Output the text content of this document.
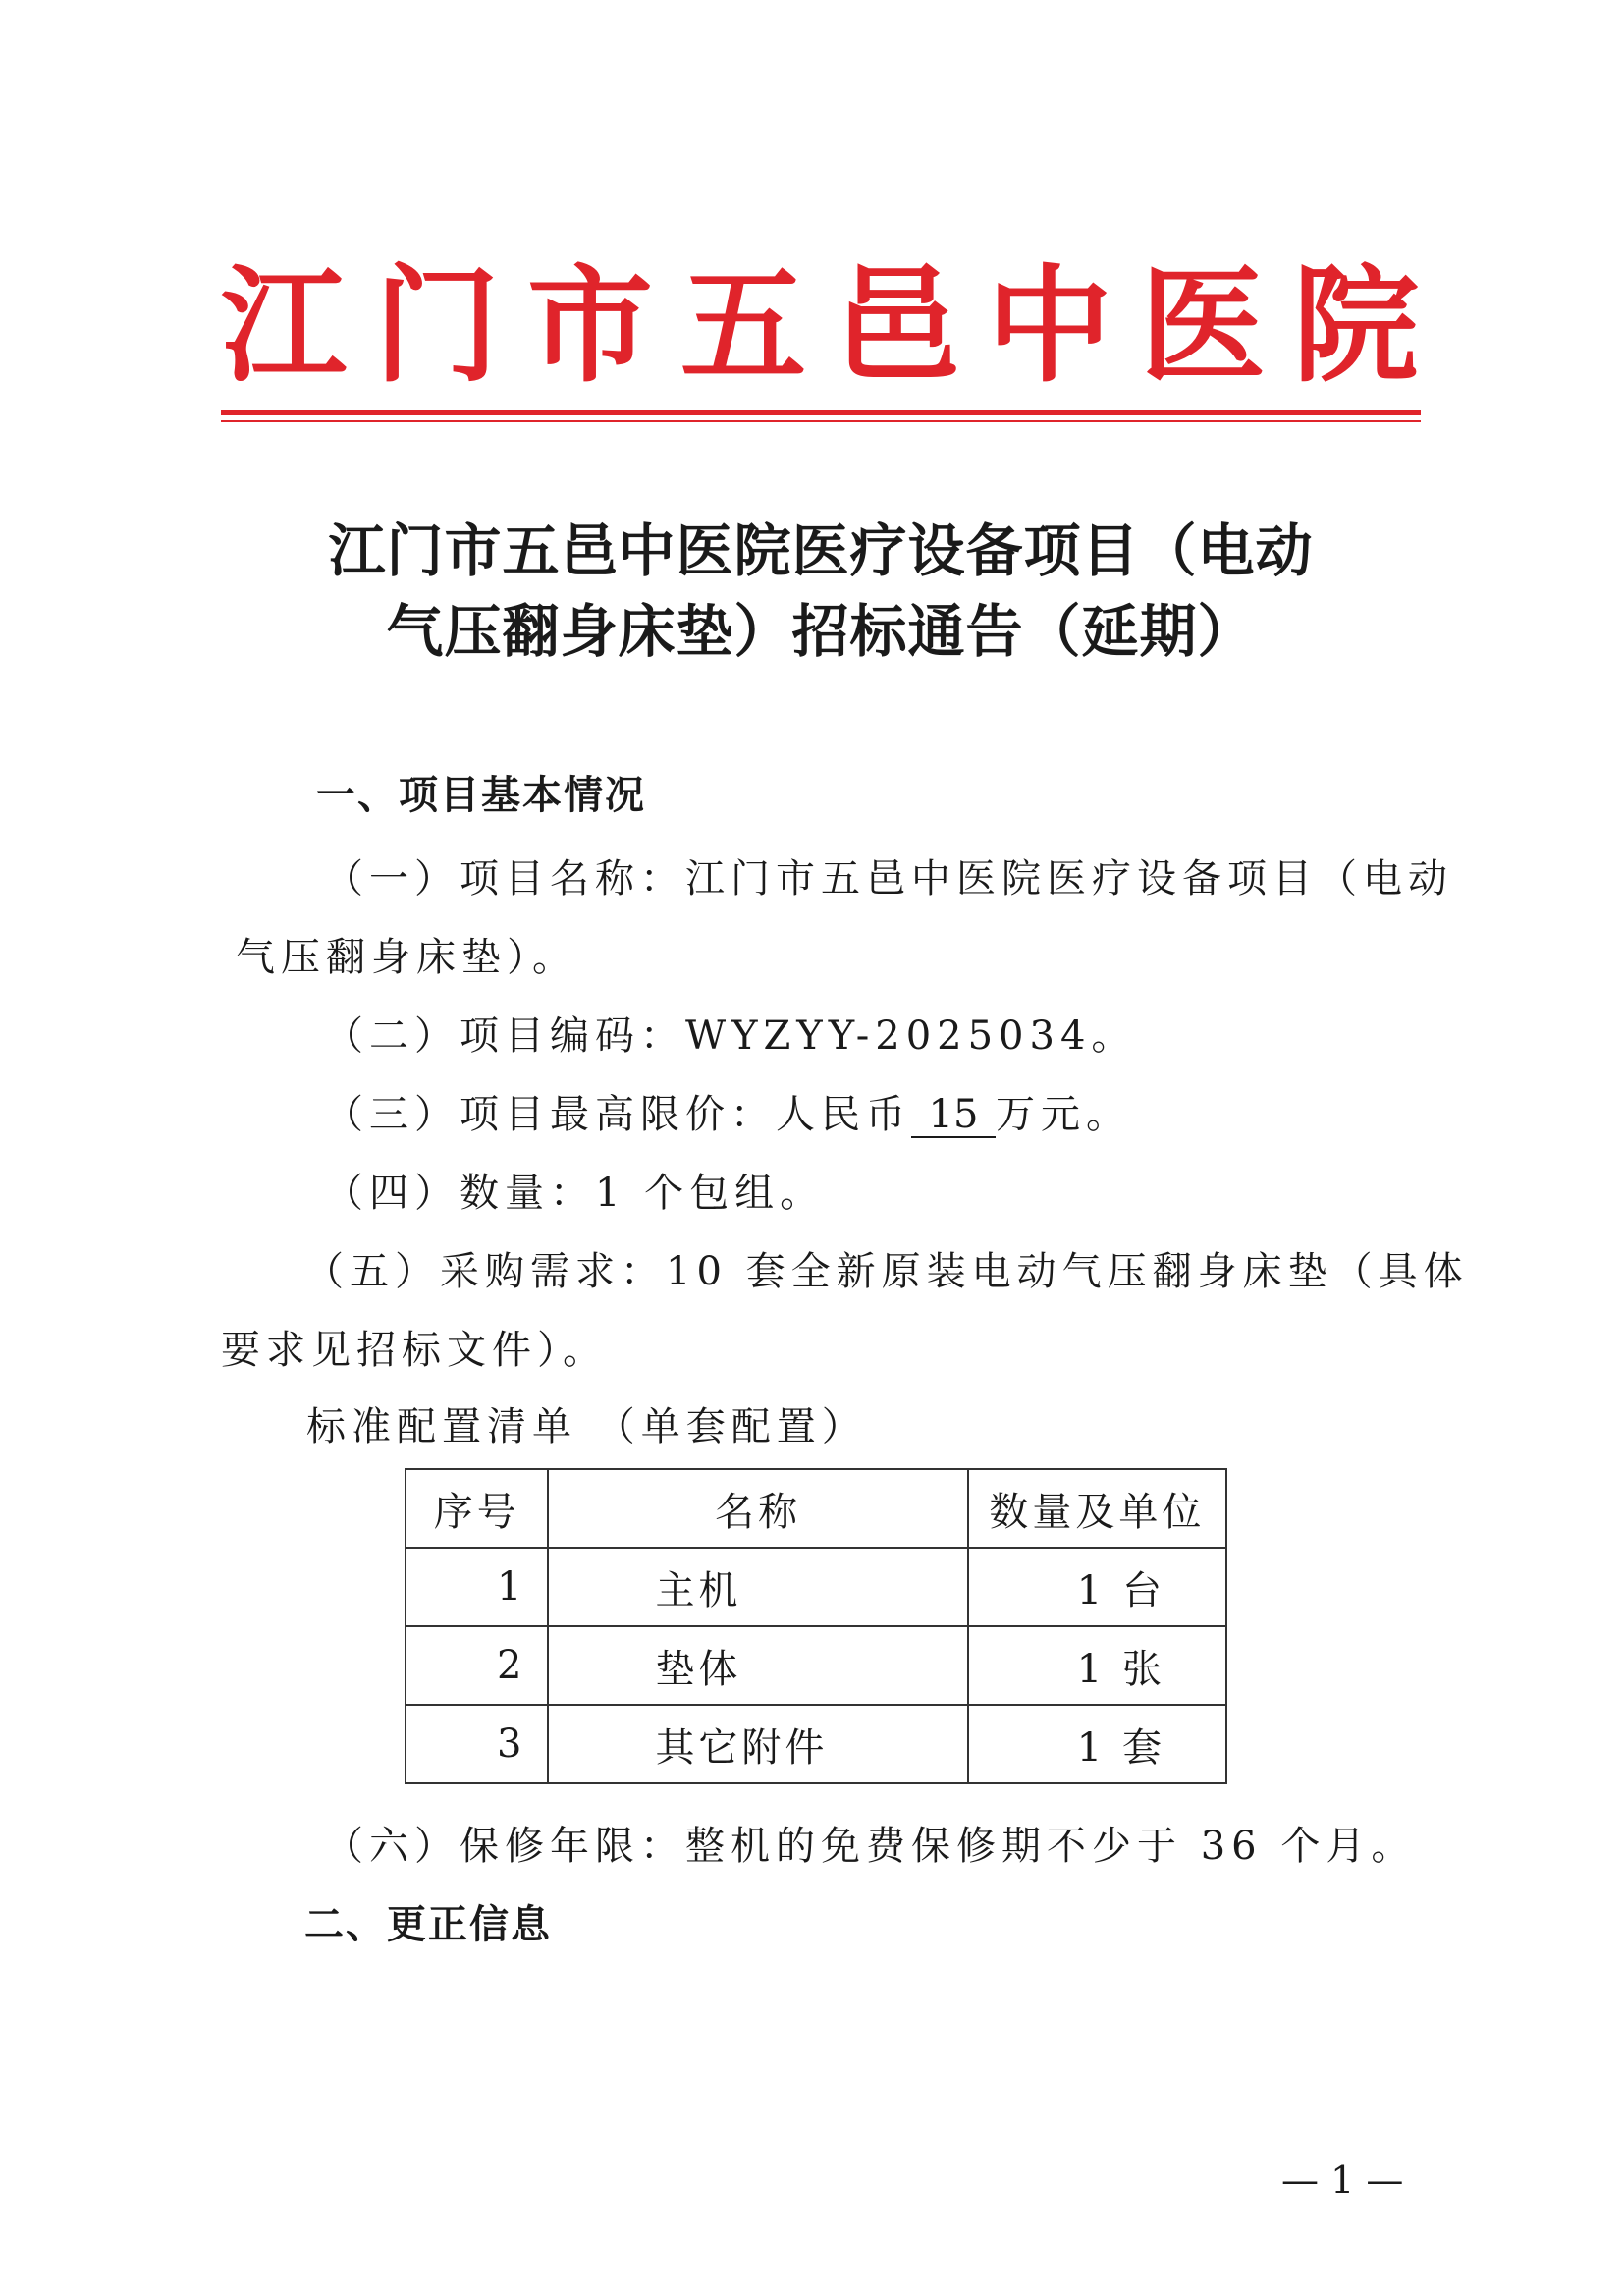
江 门 市 五 邑 中 医 院
江门市五邑中医院医疗设备项目（电动
气压翻身床垫）招标通告（延期）
一、项目基本情况
（一）项目名称：江门市五邑中医院医疗设备项目（电动
气压翻身床垫）。
（二）项目编码：WYZYY-2025034。
（三）项目最高限价：人民币 15 万元。
（四）数量：1 个包组。
（五）采购需求：10 套全新原装电动气压翻身床垫（具体
要求见招标文件）。
标准配置清单 （单套配置）
序号	名称	数量及单位
1	主机	1 台
2	垫体	1 张
3	其它附件	1 套
（六）保修年限：整机的免费保修期不少于 36 个月。
二、更正信息
— 1 —
